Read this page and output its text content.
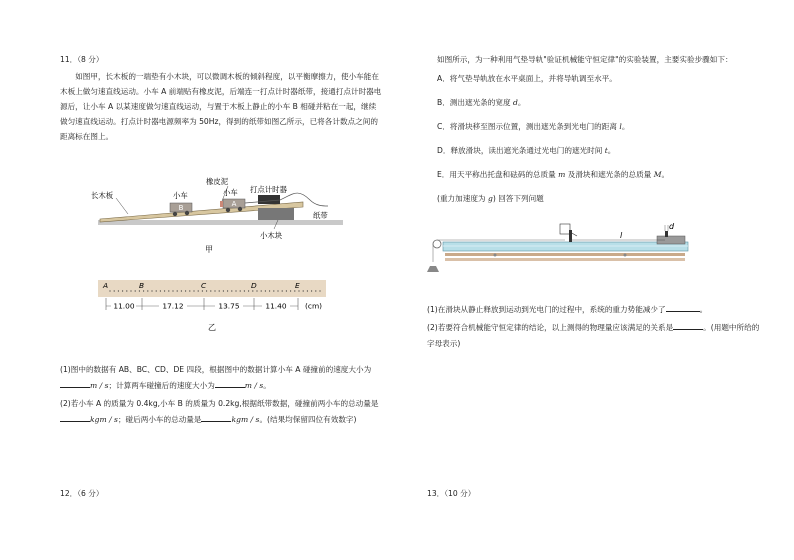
11．（8 分）

如图甲，长木板的一端垫有小木块，可以微调木板的倾斜程度，以平衡摩擦力，使小车能在木板上做匀速直线运动。小车 A 前端贴有橡皮泥，后端连一打点计时器纸带，接通打点计时器电源后，让小车 A 以某速度做匀速直线运动，与置于木板上静止的小车 B 相碰并粘在一起，继续做匀速直线运动。打点计时器电源频率为 50Hz，得到的纸带如图乙所示，已将各计数点之间的距离标在图上。

B	A
长木板	小车
橡皮泥
小车 打点计时器
纸带
小木块
甲
A	B	C	D	E
11.00	17.12	13.75	11.40 (cm)
乙

(1)图中的数据有 AB、BC、CD、DE 四段，根据图中的数据计算小车 A 碰撞前的速度大小为m / s；计算两车碰撞后的速度大小为	m / s。

(2)若小车 A 的质量为 0.4kg,小车 B 的质量为 0.2kg,根据纸带数据，碰撞前两小车的总动量是kgm / s；碰后两小车的总动量是	kgm / s。(结果均保留四位有效数字)

如图所示，为一种利用气垫导轨"验证机械能守恒定律"的实验装置，主要实验步骤如下：

A．将气垫导轨放在水平桌面上，并将导轨调至水平。

B．测出遮光条的宽度 d。

C．将滑块移至图示位置，测出遮光条到光电门的距离 l。

D．释放滑块，读出遮光条通过光电门的遮光时间 t。

E．用天平称出托盘和砝码的总质量 m 及滑块和遮光条的总质量 M。

(重力加速度为 g) 回答下列问题

l
d

(1)在滑块从静止释放到运动到光电门的过程中，系统的重力势能减少了	。

(2)若要符合机械能守恒定律的结论，以上测得的物理量应该满足的关系是	。(用题中所给的字母表示)

12．（6 分）	13．（10 分）
